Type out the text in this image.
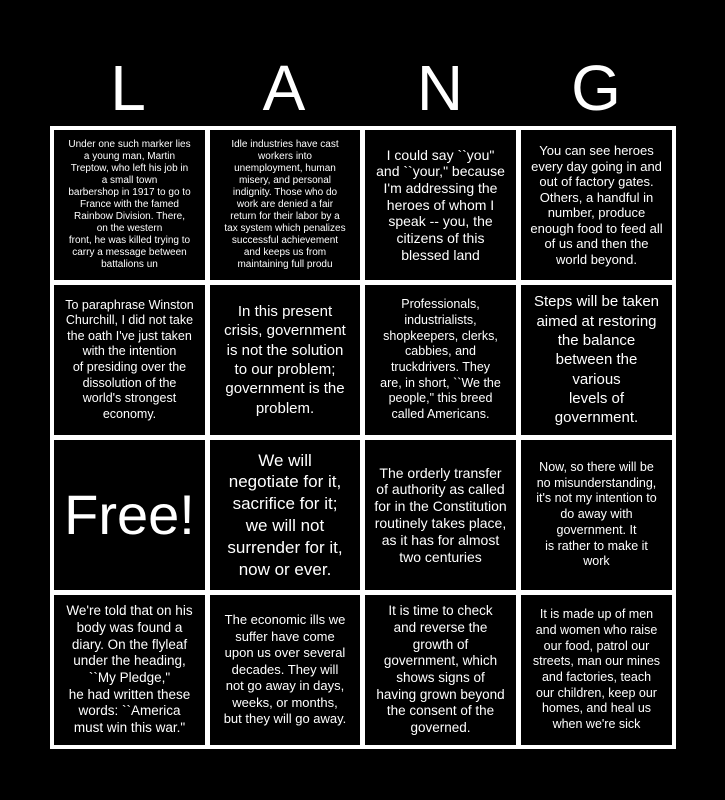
L	A	N	G
Under one such marker lies
a young man, Martin
Treptow, who left his job in
a small town
barbershop in 1917 to go to
France with the famed
Rainbow Division. There,
on the western
front, he was killed trying to
carry a message between
battalions un
Idle industries have cast
workers into
unemployment, human
misery, and personal
indignity. Those who do
work are denied a fair
return for their labor by a
tax system which penalizes
successful achievement
and keeps us from
maintaining full produ
I could say ``you"
and ``your," because
I'm addressing the
heroes of whom I
speak -- you, the
citizens of this
blessed land
You can see heroes
every day going in and
out of factory gates.
Others, a handful in
number, produce
enough food to feed all
of us and then the
world beyond.
To paraphrase Winston
Churchill, I did not take
the oath I've just taken
with the intention
of presiding over the
dissolution of the
world's strongest
economy.
In this present
crisis, government
is not the solution
to our problem;
government is the
problem.
Professionals,
industrialists,
shopkeepers, clerks,
cabbies, and
truckdrivers. They
are, in short, ``We the
people," this breed
called Americans.
Steps will be taken
aimed at restoring
the balance
between the
various
levels of
government.
Free!
We will
negotiate for it,
sacrifice for it;
we will not
surrender for it,
now or ever.
The orderly transfer
of authority as called
for in the Constitution
routinely takes place,
as it has for almost
two centuries
Now, so there will be
no misunderstanding,
it's not my intention to
do away with
government. It
is rather to make it
work
We're told that on his
body was found a
diary. On the flyleaf
under the heading,
``My Pledge,"
he had written these
words: ``America
must win this war."
The economic ills we
suffer have come
upon us over several
decades. They will
not go away in days,
weeks, or months,
but they will go away.
It is time to check
and reverse the
growth of
government, which
shows signs of
having grown beyond
the consent of the
governed.
It is made up of men
and women who raise
our food, patrol our
streets, man our mines
and factories, teach
our children, keep our
homes, and heal us
when we're sick
